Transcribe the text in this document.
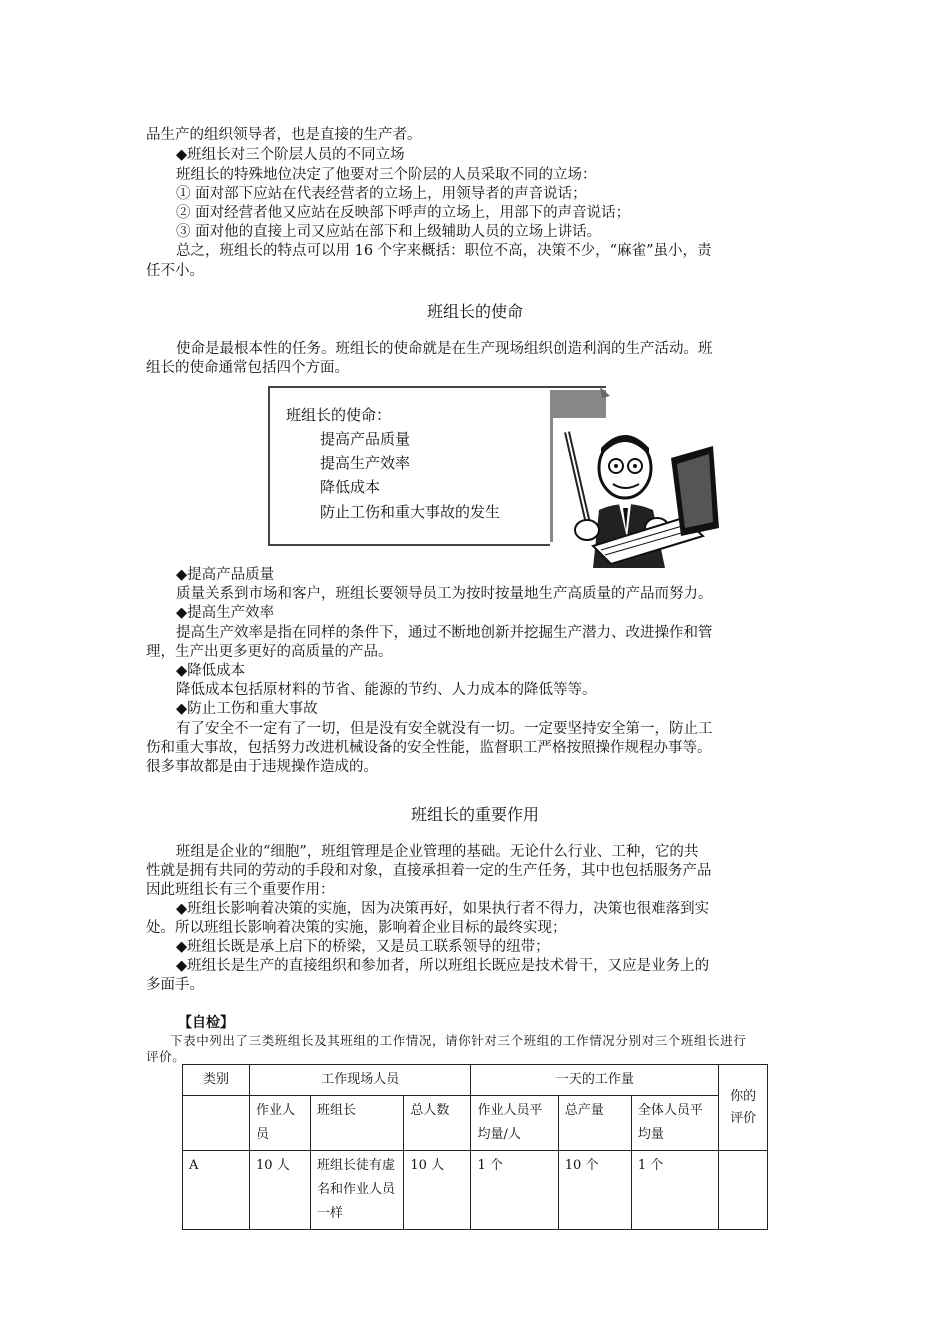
品生产的组织领导者，也是直接的生产者。
◆班组长对三个阶层人员的不同立场
班组长的特殊地位决定了他要对三个阶层的人员采取不同的立场：
① 面对部下应站在代表经营者的立场上，用领导者的声音说话；
② 面对经营者他又应站在反映部下呼声的立场上，用部下的声音说话；
③ 面对他的直接上司又应站在部下和上级辅助人员的立场上讲话。
总之，班组长的特点可以用 16 个字来概括：职位不高，决策不少，“麻雀”虽小，责
任不小。
班组长的使命
使命是最根本性的任务。班组长的使命就是在生产现场组织创造利润的生产活动。班
组长的使命通常包括四个方面。
班组长的使命：
提高产品质量
提高生产效率
降低成本
防止工伤和重大事故的发生
◆提高产品质量
质量关系到市场和客户，班组长要领导员工为按时按量地生产高质量的产品而努力。
◆提高生产效率
提高生产效率是指在同样的条件下，通过不断地创新并挖掘生产潜力、改进操作和管
理，生产出更多更好的高质量的产品。
◆降低成本
降低成本包括原材料的节省、能源的节约、人力成本的降低等等。
◆防止工伤和重大事故
有了安全不一定有了一切，但是没有安全就没有一切。一定要坚持安全第一，防止工
伤和重大事故，包括努力改进机械设备的安全性能，监督职工严格按照操作规程办事等。
很多事故都是由于违规操作造成的。
班组长的重要作用
班组是企业的“细胞”，班组管理是企业管理的基础。无论什么行业、工种，它的共
性就是拥有共同的劳动的手段和对象，直接承担着一定的生产任务，其中也包括服务产品
因此班组长有三个重要作用：
◆班组长影响着决策的实施，因为决策再好，如果执行者不得力，决策也很难落到实
处。所以班组长影响着决策的实施，影响着企业目标的最终实现；
◆班组长既是承上启下的桥梁，又是员工联系领导的纽带；
◆班组长是生产的直接组织和参加者，所以班组长既应是技术骨干，又应是业务上的
多面手。
【自检】
下表中列出了三类班组长及其班组的工作情况，请你针对三个班组的工作情况分别对三个班组长进行
评价。
类别	工作现场人员			一天的工作量			你的评价
	作业人员	班组长	总人数	作业人员平均量/人	总产量	全体人员平均量	
A	10 人	班组长徒有虚名和作业人员一样	10 人	1 个	10 个	1 个	
